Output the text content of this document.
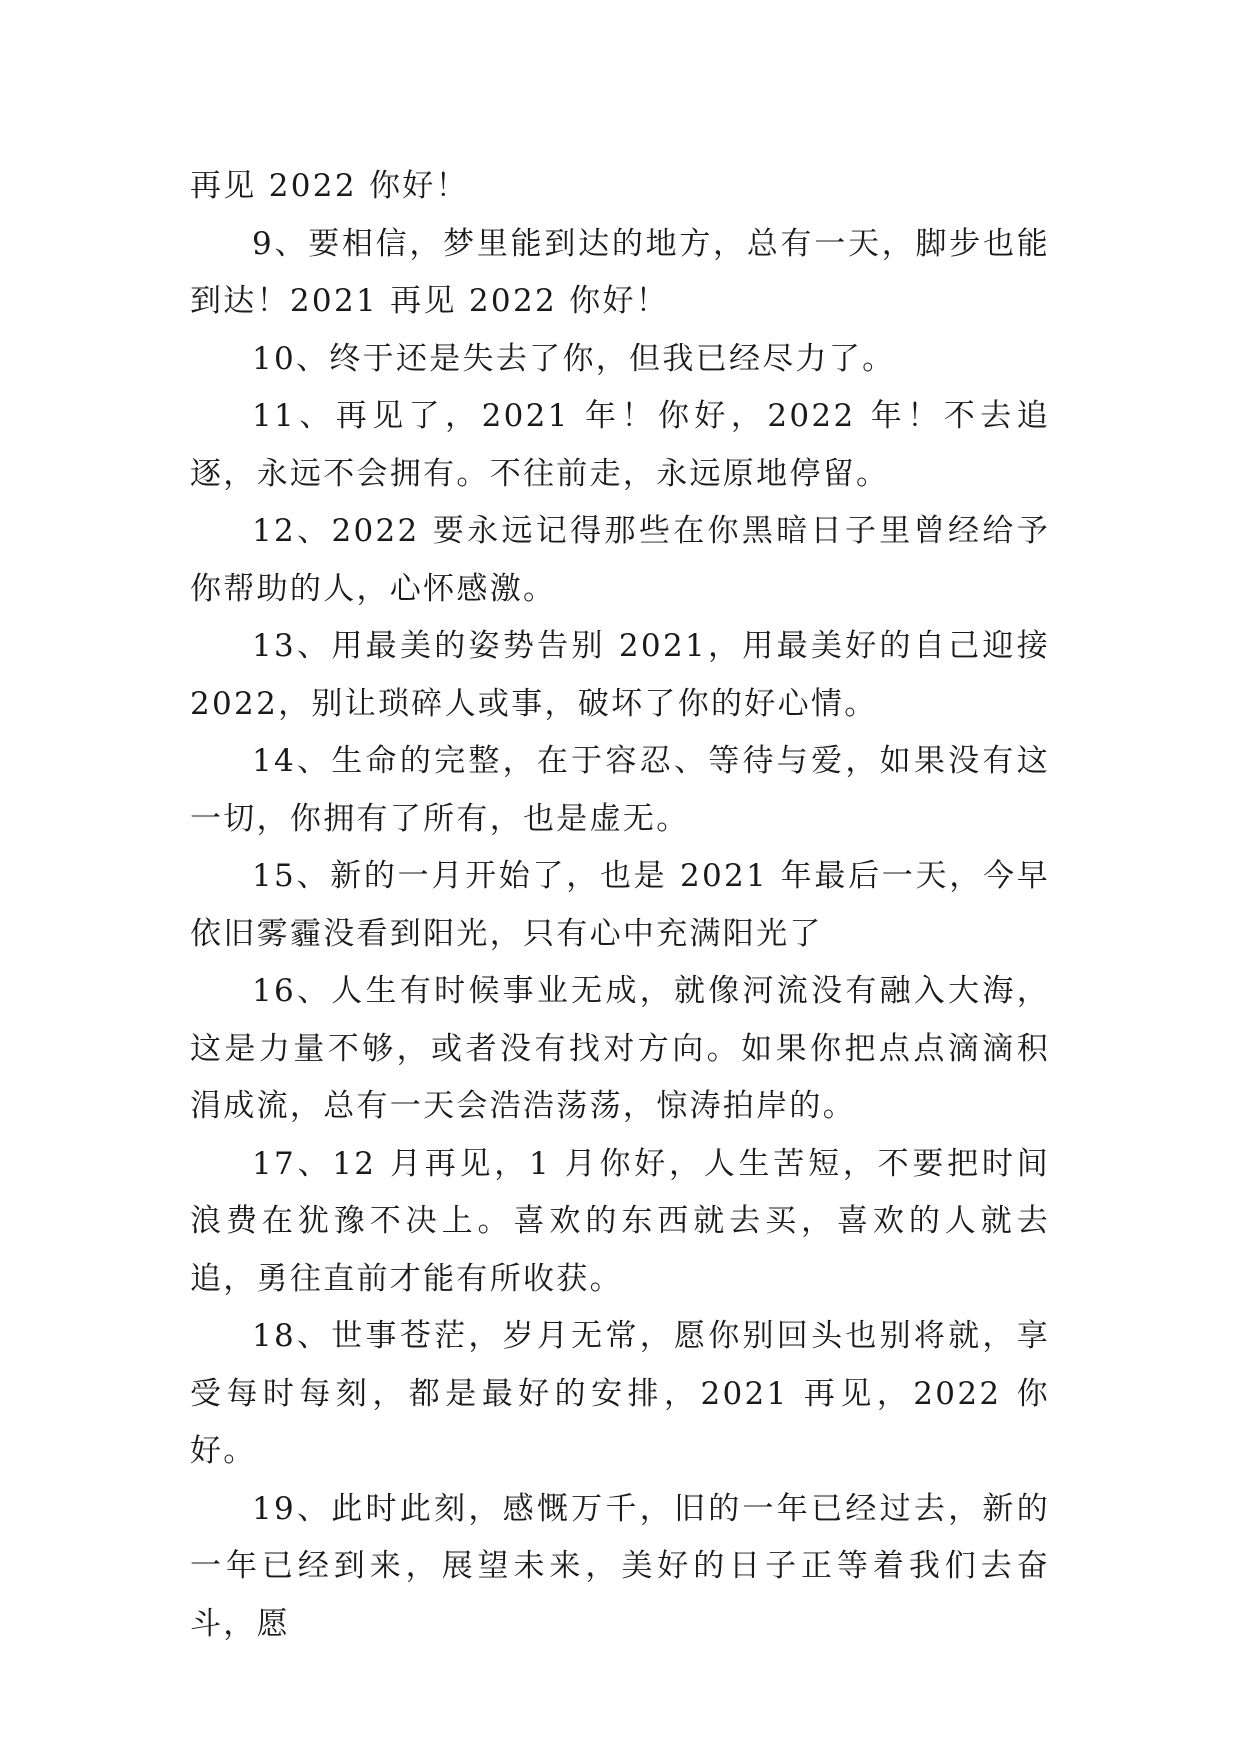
再见 2022 你好！

9、要相信，梦里能到达的地方，总有一天，脚步也能到达！2021 再见 2022 你好！

10、终于还是失去了你，但我已经尽力了。

11、再见了，2021 年！你好，2022 年！不去追逐，永远不会拥有。不往前走，永远原地停留。

12、2022 要永远记得那些在你黑暗日子里曾经给予你帮助的人，心怀感激。

13、用最美的姿势告别 2021，用最美好的自己迎接 2022，别让琐碎人或事，破坏了你的好心情。

14、生命的完整，在于容忍、等待与爱，如果没有这一切，你拥有了所有，也是虚无。

15、新的一月开始了，也是 2021 年最后一天，今早依旧雾霾没看到阳光，只有心中充满阳光了

16、人生有时候事业无成，就像河流没有融入大海，这是力量不够，或者没有找对方向。如果你把点点滴滴积涓成流，总有一天会浩浩荡荡，惊涛拍岸的。

17、12 月再见，1 月你好，人生苦短，不要把时间浪费在犹豫不决上。喜欢的东西就去买，喜欢的人就去追，勇往直前才能有所收获。

18、世事苍茫，岁月无常，愿你别回头也别将就，享受每时每刻，都是最好的安排，2021 再见，2022 你好。

19、此时此刻，感慨万千，旧的一年已经过去，新的一年已经到来，展望未来，美好的日子正等着我们去奋斗，愿
